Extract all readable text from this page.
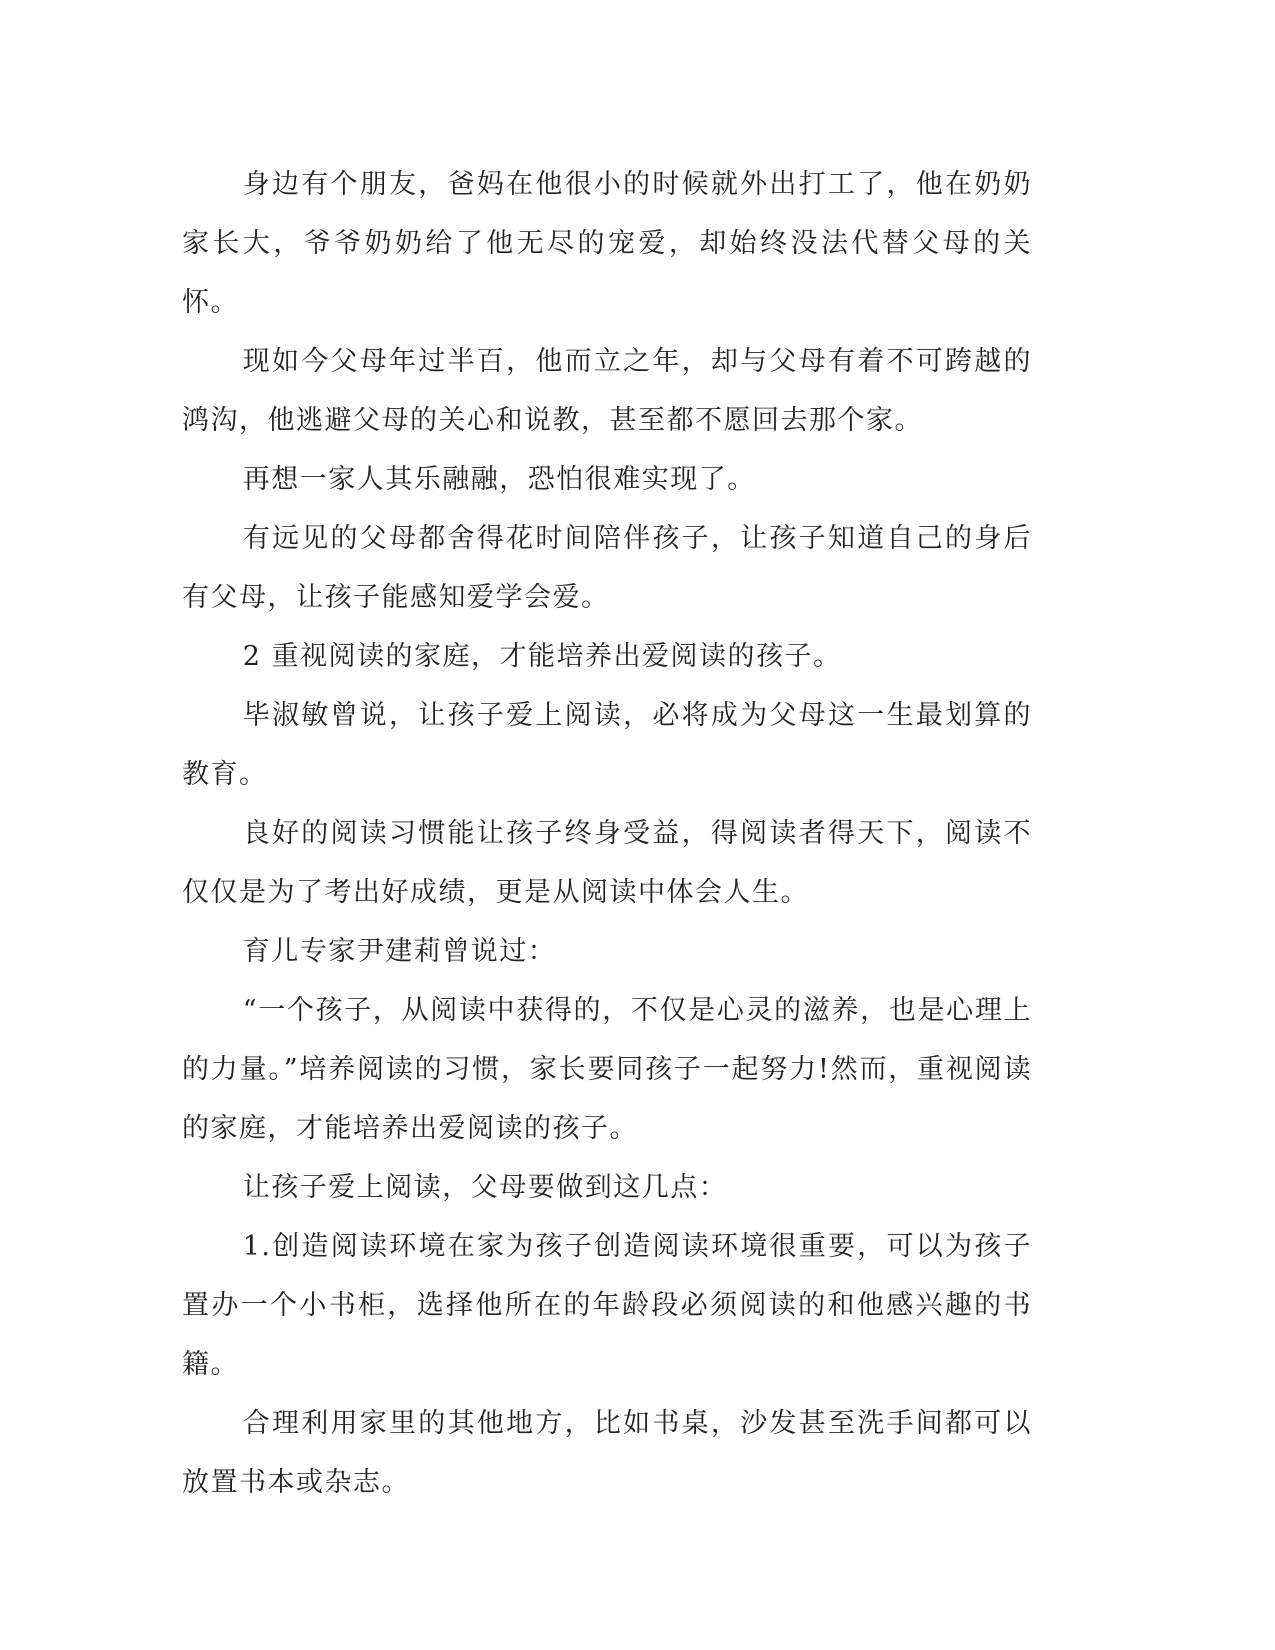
身边有个朋友，爸妈在他很小的时候就外出打工了，他在奶奶家长大，爷爷奶奶给了他无尽的宠爱，却始终没法代替父母的关怀。

现如今父母年过半百，他而立之年，却与父母有着不可跨越的鸿沟，他逃避父母的关心和说教，甚至都不愿回去那个家。

再想一家人其乐融融，恐怕很难实现了。

有远见的父母都舍得花时间陪伴孩子，让孩子知道自己的身后有父母，让孩子能感知爱学会爱。

2 重视阅读的家庭，才能培养出爱阅读的孩子。

毕淑敏曾说，让孩子爱上阅读，必将成为父母这一生最划算的教育。

良好的阅读习惯能让孩子终身受益，得阅读者得天下，阅读不仅仅是为了考出好成绩，更是从阅读中体会人生。

育儿专家尹建莉曾说过：

“一个孩子，从阅读中获得的，不仅是心灵的滋养，也是心理上的力量。”培养阅读的习惯，家长要同孩子一起努力!然而，重视阅读的家庭，才能培养出爱阅读的孩子。

让孩子爱上阅读，父母要做到这几点：

1.创造阅读环境在家为孩子创造阅读环境很重要，可以为孩子置办一个小书柜，选择他所在的年龄段必须阅读的和他感兴趣的书籍。

合理利用家里的其他地方，比如书桌，沙发甚至洗手间都可以放置书本或杂志。
